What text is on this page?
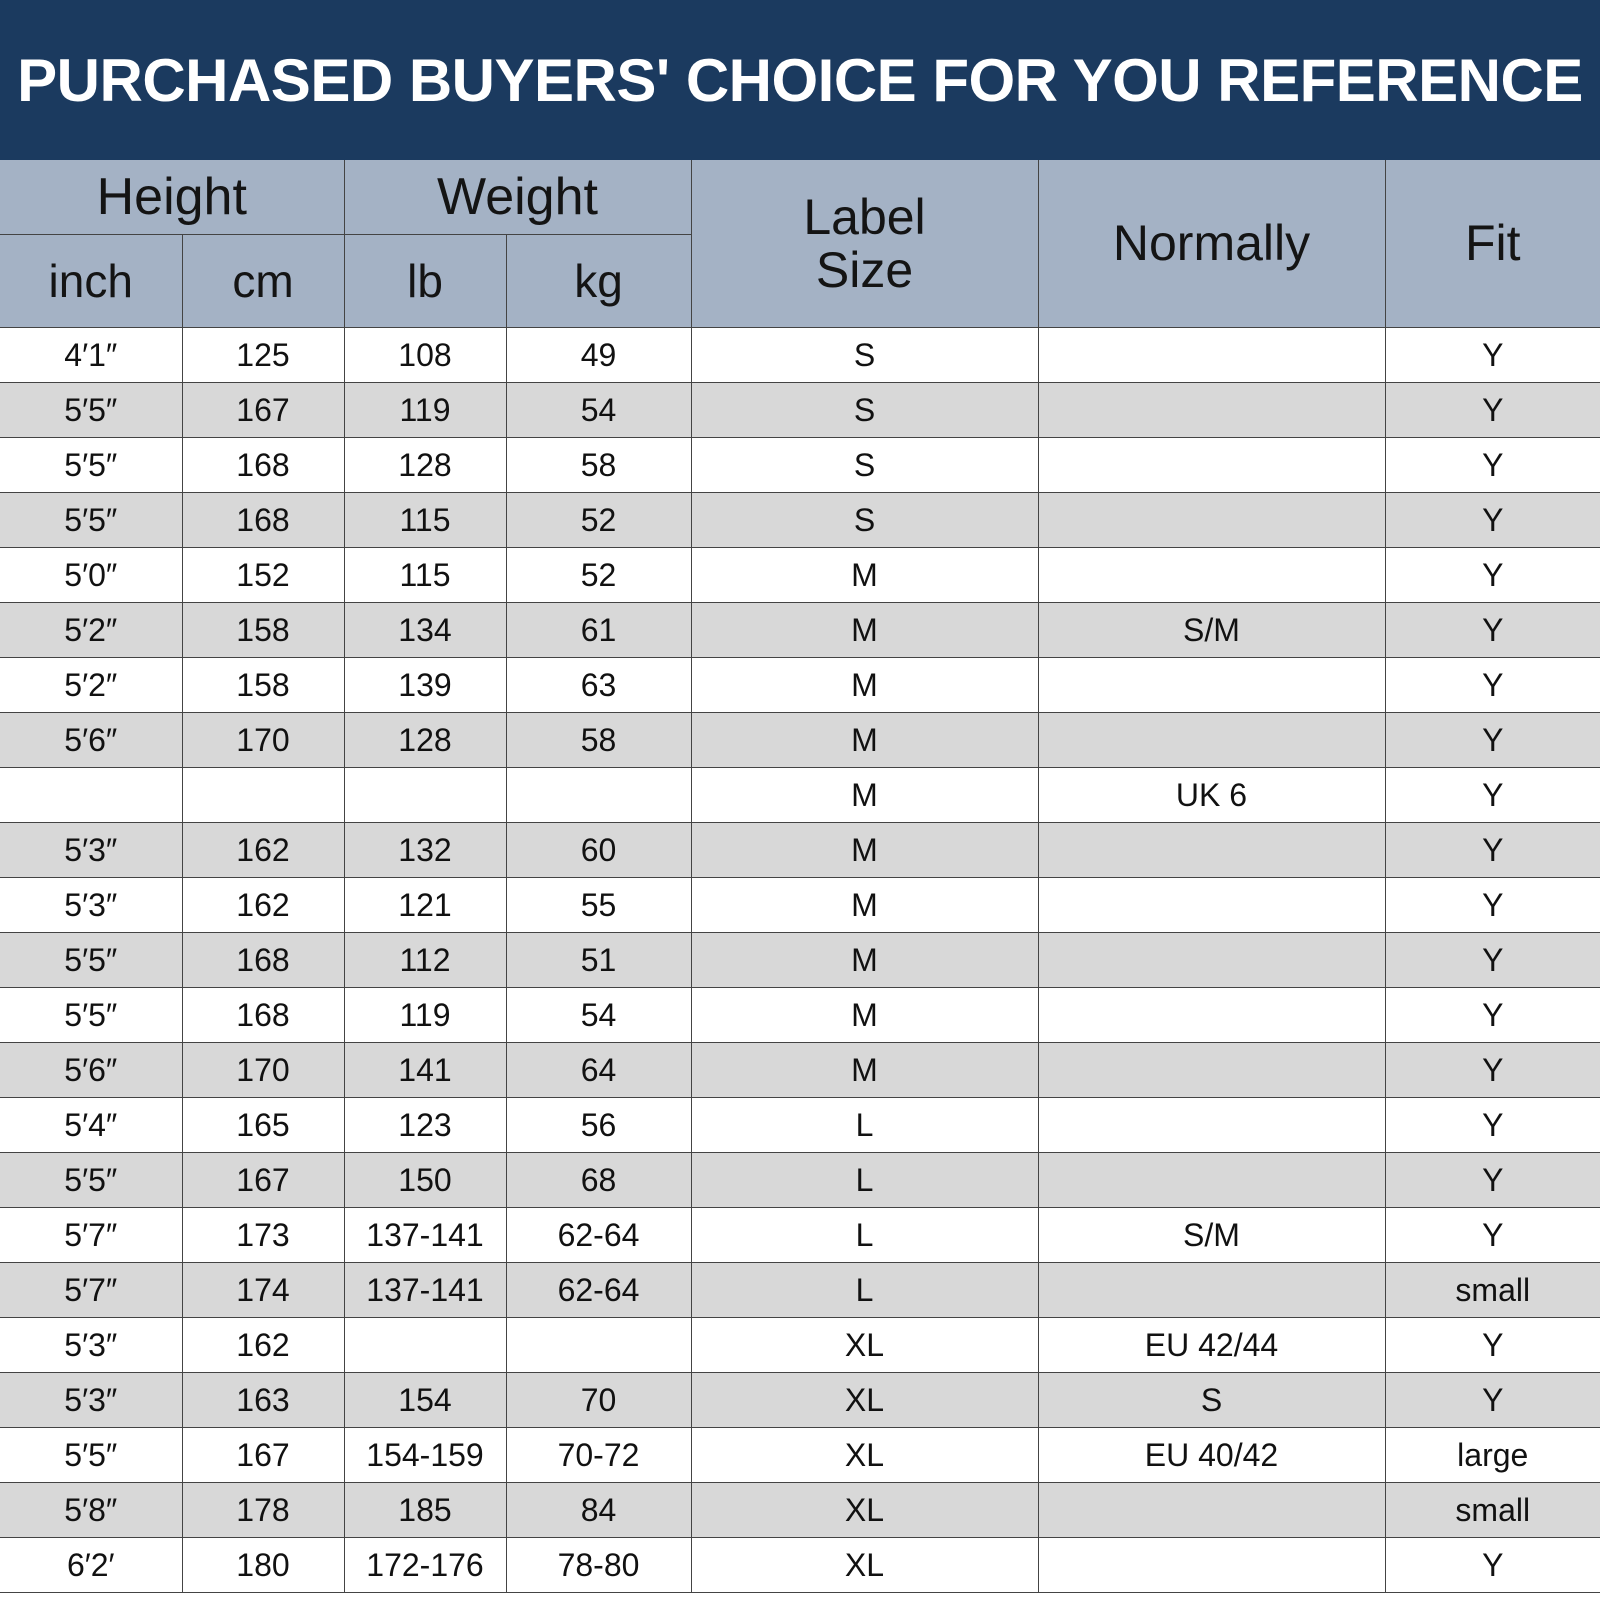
PURCHASED BUYERS' CHOICE FOR YOU REFERENCE
Height		Weight		Label Size	Normally	Fit
inch	cm	lb	kg			
4′1″	125	108	49	S		Y
5′5″	167	119	54	S		Y
5′5″	168	128	58	S		Y
5′5″	168	115	52	S		Y
5′0″	152	115	52	M		Y
5′2″	158	134	61	M	S/M	Y
5′2″	158	139	63	M		Y
5′6″	170	128	58	M		Y
				M	UK 6	Y
5′3″	162	132	60	M		Y
5′3″	162	121	55	M		Y
5′5″	168	112	51	M		Y
5′5″	168	119	54	M		Y
5′6″	170	141	64	M		Y
5′4″	165	123	56	L		Y
5′5″	167	150	68	L		Y
5′7″	173	137-141	62-64	L	S/M	Y
5′7″	174	137-141	62-64	L		small
5′3″	162			XL	EU 42/44	Y
5′3″	163	154	70	XL	S	Y
5′5″	167	154-159	70-72	XL	EU 40/42	large
5′8″	178	185	84	XL		small
6′2′	180	172-176	78-80	XL		Y
